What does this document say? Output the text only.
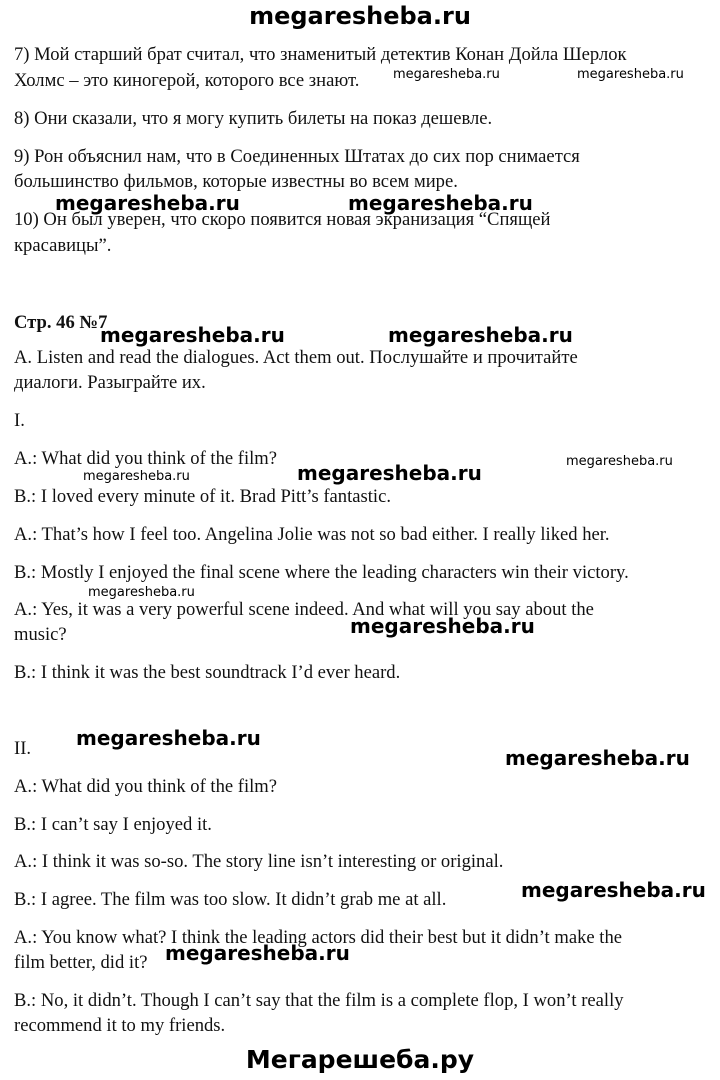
megaresheba.ru
7) Мой старший брат считал, что знаменитый детектив Конан Дойла Шерлок
Холмс – это киногерой, которого все знают.
8) Они сказали, что я могу купить билеты на показ дешевле.
9) Рон объяснил нам, что в Соединенных Штатах до сих пор снимается
большинство фильмов, которые известны во всем мире.
10) Он был уверен, что скоро появится новая экранизация “Спящей
красавицы”.
Стр. 46 №7
A. Listen and read the dialogues. Act them out. Послушайте и прочитайте
диалоги. Разыграйте их.
I.
A.: What did you think of the film?
B.: I loved every minute of it. Brad Pitt’s fantastic.
A.: That’s how I feel too. Angelina Jolie was not so bad either. I really liked her.
B.: Mostly I enjoyed the final scene where the leading characters win their victory.
A.: Yes, it was a very powerful scene indeed. And what will you say about the
music?
B.: I think it was the best soundtrack I’d ever heard.
II.
A.: What did you think of the film?
B.: I can’t say I enjoyed it.
A.: I think it was so-so. The story line isn’t interesting or original.
B.: I agree. The film was too slow. It didn’t grab me at all.
A.: You know what? I think the leading actors did their best but it didn’t make the
film better, did it?
B.: No, it didn’t. Though I can’t say that the film is a complete flop, I won’t really
recommend it to my friends.
megaresheba.ru	megaresheba.ru
megaresheba.ru	megaresheba.ru
megaresheba.ru	megaresheba.ru
megaresheba.ru
megaresheba.ru
megaresheba.ru
megaresheba.ru
megaresheba.ru
megaresheba.ru
megaresheba.ru
megaresheba.ru
megaresheba.ru
Мегарешеба.ру
